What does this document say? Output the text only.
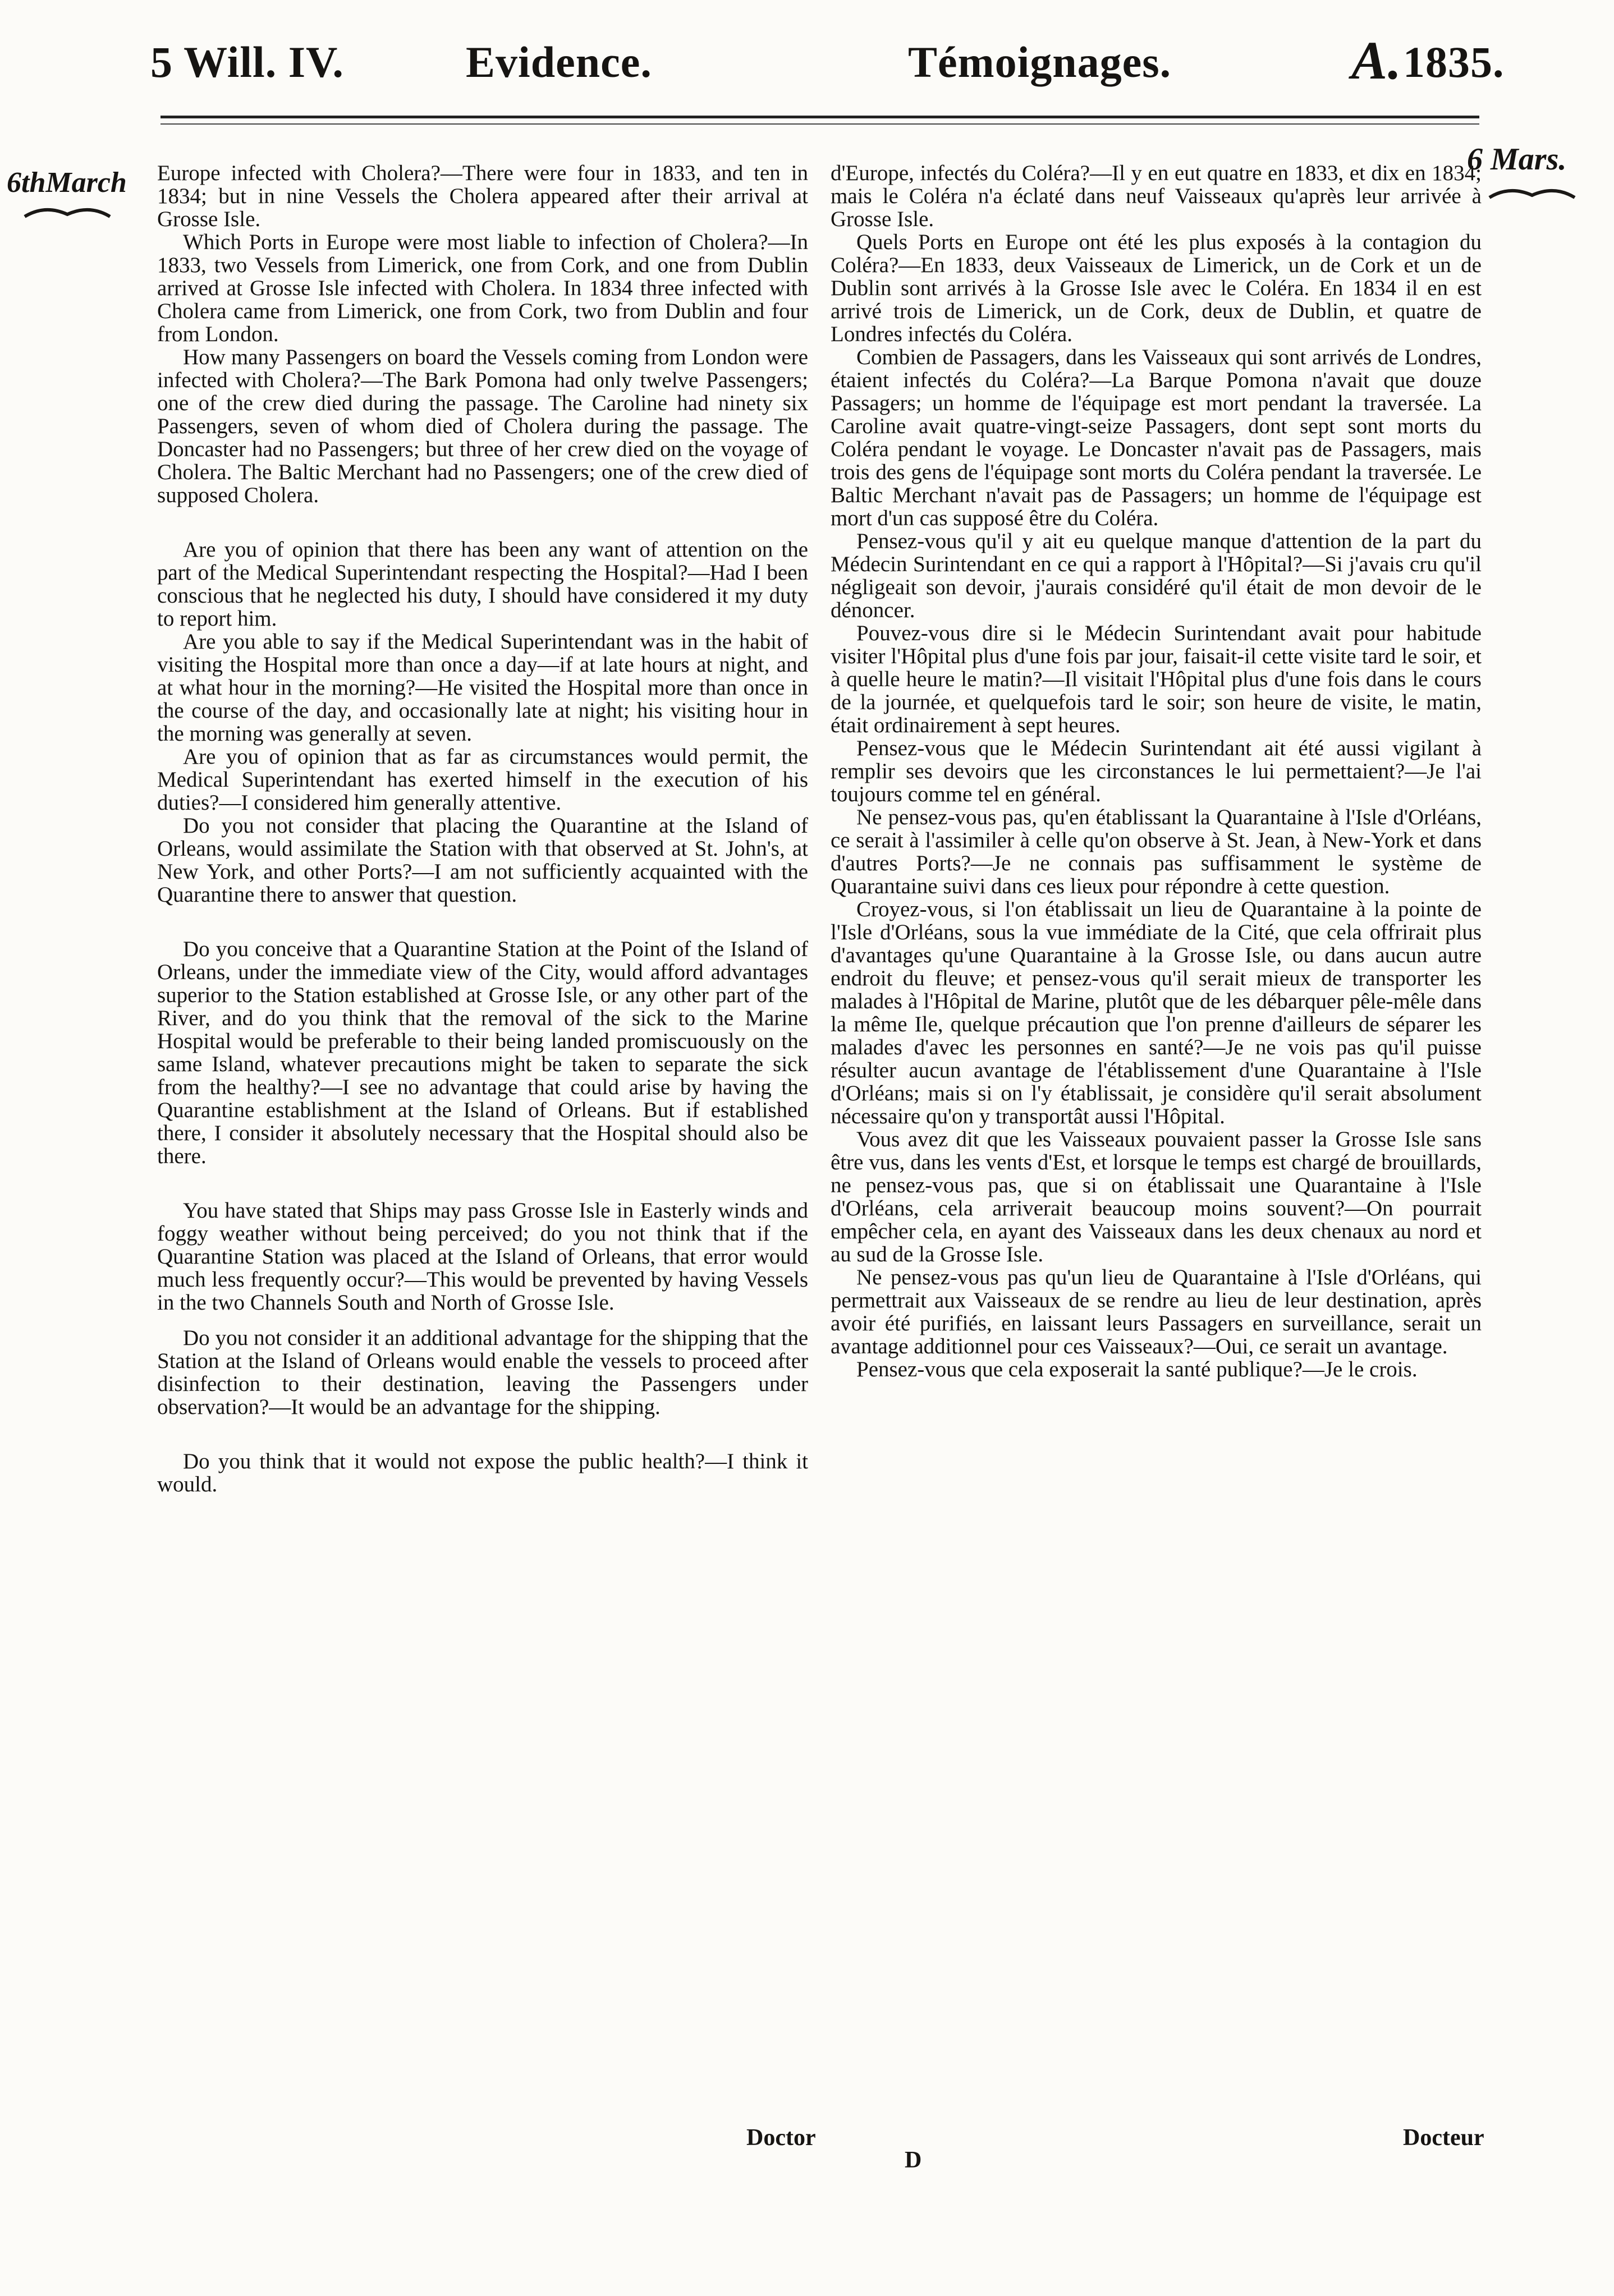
5 Will. IV.	Evidence.	Témoignages.	A. 1835.
6thMarch
6 Mars.

Europe infected with Cholera?—There were four in 1833, and ten in 1834; but in nine Vessels the Cholera appeared after their arrival at Grosse Isle.

Which Ports in Europe were most liable to infection of Cholera?—In 1833, two Vessels from Limerick, one from Cork, and one from Dublin arrived at Grosse Isle infected with Cholera. In 1834 three infected with Cholera came from Limerick, one from Cork, two from Dublin and four from London.

How many Passengers on board the Vessels coming from London were infected with Cholera?—The Bark Pomona had only twelve Passengers; one of the crew died during the passage. The Caroline had ninety six Passengers, seven of whom died of Cholera during the passage. The Doncaster had no Passengers; but three of her crew died on the voyage of Cholera. The Baltic Merchant had no Passengers; one of the crew died of supposed Cholera.

Are you of opinion that there has been any want of attention on the part of the Medical Superintendant respecting the Hospital?—Had I been conscious that he neglected his duty, I should have considered it my duty to report him.

Are you able to say if the Medical Superintendant was in the habit of visiting the Hospital more than once a day—if at late hours at night, and at what hour in the morning?—He visited the Hospital more than once in the course of the day, and occasionally late at night; his visiting hour in the morning was generally at seven.

Are you of opinion that as far as circumstances would permit, the Medical Superintendant has exerted himself in the execution of his duties?—I considered him generally attentive.

Do you not consider that placing the Quarantine at the Island of Orleans, would assimilate the Station with that observed at St. John's, at New York, and other Ports?—I am not sufficiently acquainted with the Quarantine there to answer that question.

Do you conceive that a Quarantine Station at the Point of the Island of Orleans, under the immediate view of the City, would afford advantages superior to the Station established at Grosse Isle, or any other part of the River, and do you think that the removal of the sick to the Marine Hospital would be preferable to their being landed promiscuously on the same Island, whatever precautions might be taken to separate the sick from the healthy?—I see no advantage that could arise by having the Quarantine establishment at the Island of Orleans. But if established there, I consider it absolutely necessary that the Hospital should also be there.

You have stated that Ships may pass Grosse Isle in Easterly winds and foggy weather without being perceived; do you not think that if the Quarantine Station was placed at the Island of Orleans, that error would much less frequently occur?—This would be prevented by having Vessels in the two Channels South and North of Grosse Isle.

Do you not consider it an additional advantage for the shipping that the Station at the Island of Orleans would enable the vessels to proceed after disinfection to their destination, leaving the Passengers under observation?—It would be an advantage for the shipping.

Do you think that it would not expose the public health?—I think it would.

d'Europe, infectés du Coléra?—Il y en eut quatre en 1833, et dix en 1834; mais le Coléra n'a éclaté dans neuf Vaisseaux qu'après leur arrivée à Grosse Isle.

Quels Ports en Europe ont été les plus exposés à la contagion du Coléra?—En 1833, deux Vaisseaux de Limerick, un de Cork et un de Dublin sont arrivés à la Grosse Isle avec le Coléra. En 1834 il en est arrivé trois de Limerick, un de Cork, deux de Dublin, et quatre de Londres infectés du Coléra.

Combien de Passagers, dans les Vaisseaux qui sont arrivés de Londres, étaient infectés du Coléra?—La Barque Pomona n'avait que douze Passagers; un homme de l'équipage est mort pendant la traversée. La Caroline avait quatre-vingt-seize Passagers, dont sept sont morts du Coléra pendant le voyage. Le Doncaster n'avait pas de Passagers, mais trois des gens de l'équipage sont morts du Coléra pendant la traversée. Le Baltic Merchant n'avait pas de Passagers; un homme de l'équipage est mort d'un cas supposé être du Coléra.

Pensez-vous qu'il y ait eu quelque manque d'attention de la part du Médecin Surintendant en ce qui a rapport à l'Hôpital?—Si j'avais cru qu'il négligeait son devoir, j'aurais considéré qu'il était de mon devoir de le dénoncer.

Pouvez-vous dire si le Médecin Surintendant avait pour habitude visiter l'Hôpital plus d'une fois par jour, faisait-il cette visite tard le soir, et à quelle heure le matin?—Il visitait l'Hôpital plus d'une fois dans le cours de la journée, et quelquefois tard le soir; son heure de visite, le matin, était ordinairement à sept heures.

Pensez-vous que le Médecin Surintendant ait été aussi vigilant à remplir ses devoirs que les circonstances le lui permettaient?—Je l'ai toujours comme tel en général.

Ne pensez-vous pas, qu'en établissant la Quarantaine à l'Isle d'Orléans, ce serait à l'assimiler à celle qu'on observe à St. Jean, à New-York et dans d'autres Ports?—Je ne connais pas suffisamment le système de Quarantaine suivi dans ces lieux pour répondre à cette question.

Croyez-vous, si l'on établissait un lieu de Quarantaine à la pointe de l'Isle d'Orléans, sous la vue immédiate de la Cité, que cela offrirait plus d'avantages qu'une Quarantaine à la Grosse Isle, ou dans aucun autre endroit du fleuve; et pensez-vous qu'il serait mieux de transporter les malades à l'Hôpital de Marine, plutôt que de les débarquer pêle-mêle dans la même Ile, quelque précaution que l'on prenne d'ailleurs de séparer les malades d'avec les personnes en santé?—Je ne vois pas qu'il puisse résulter aucun avantage de l'établissement d'une Quarantaine à l'Isle d'Orléans; mais si on l'y établissait, je considère qu'il serait absolument nécessaire qu'on y transportât aussi l'Hôpital.

Vous avez dit que les Vaisseaux pouvaient passer la Grosse Isle sans être vus, dans les vents d'Est, et lorsque le temps est chargé de brouillards, ne pensez-vous pas, que si on établissait une Quarantaine à l'Isle d'Orléans, cela arriverait beaucoup moins souvent?—On pourrait empêcher cela, en ayant des Vaisseaux dans les deux chenaux au nord et au sud de la Grosse Isle.

Ne pensez-vous pas qu'un lieu de Quarantaine à l'Isle d'Orléans, qui permettrait aux Vaisseaux de se rendre au lieu de leur destination, après avoir été purifiés, en laissant leurs Passagers en surveillance, serait un avantage additionnel pour ces Vaisseaux?—Oui, ce serait un avantage.

Pensez-vous que cela exposerait la santé publique?—Je le crois.

Doctor
D
Docteur
